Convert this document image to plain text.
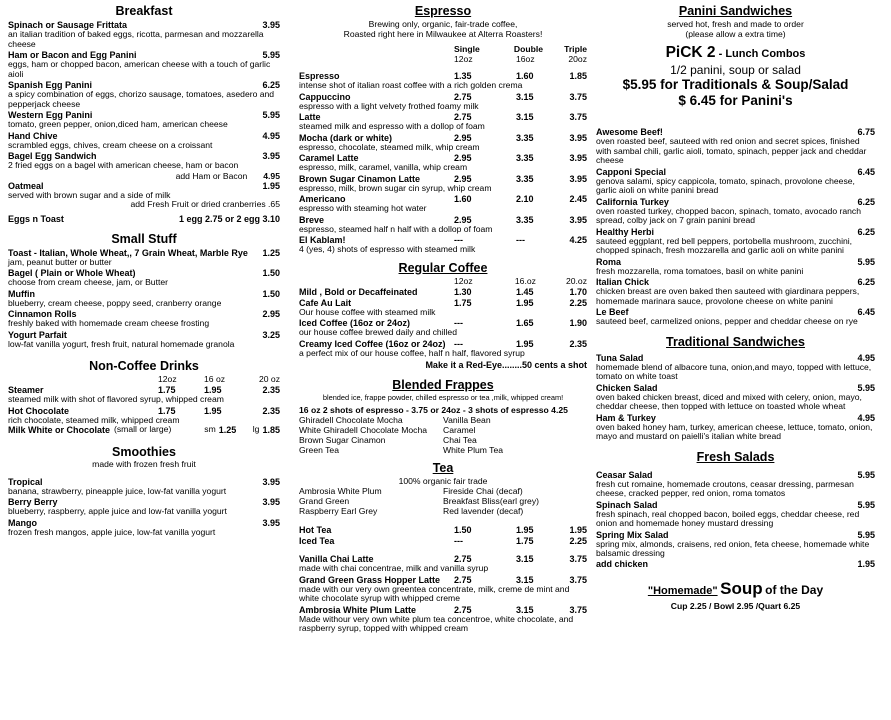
Breakfast
Spinach or Sausage Frittata	3.95
an italian tradition of baked eggs, ricotta, parmesan and mozzarella cheese
Ham or Bacon and Egg Panini	5.95
eggs, ham or chopped bacon, american cheese with a touch of garlic aioli
Spanish Egg Panini	6.25
a spicy combination of eggs, chorizo sausage, tomatoes, asedero and pepperjack cheese
Western Egg Panini	5.95
tomato, green pepper, onion,diced ham, american cheese
Hand Chive	4.95
scrambled eggs, chives, cream cheese on a croissant
Bagel Egg Sandwich	3.95
2 fried eggs on a bagel with american cheese, ham or bacon
add Ham or Bacon	4.95
Oatmeal	1.95
served with brown sugar and a side of milk
add Fresh Fruit or dried cranberries .65
Eggs n Toast	1 egg 2.75 or 2 egg 3.10
Small Stuff
Toast - Italian, Whole Wheat,, 7 Grain Wheat, Marble Rye	1.25
jam, peanut butter or butter
Bagel ( Plain or Whole Wheat)	1.50
choose from cream cheese, jam, or Butter
Muffin	1.50
blueberry, cream cheese, poppy seed, cranberry orange
Cinnamon Rolls	2.95
freshly baked with homemade cream cheese frosting
Yogurt Parfait	3.25
low-fat vanilla yogurt, fresh fruit, natural homemade granola
Non-Coffee Drinks
12oz	16 oz	20 oz
Steamer	1.75	1.95	2.35
steamed milk with shot of flavored syrup, whipped cream
Hot Chocolate	1.75	1.95	2.35
rich chocolate, steamed milk, whipped cream
Milk White or Chocolate (small or large)	sm 1.25	lg 1.85
Smoothies
made with frozen fresh fruit
Tropical	3.95
banana, strawberry, pineapple juice, low-fat vanilla yogurt
Berry Berry	3.95
blueberry, raspberry, apple juice and low-fat vanilla yogurt
Mango	3.95
frozen fresh mangos, apple juice, low-fat vanilla yogurt
Espresso
Brewing only, organic, fair-trade coffee,
Roasted right here in Milwaukee at Alterra Roasters!
Single	Double	Triple
12oz	16oz	20oz
Espresso	1.35	1.60	1.85
intense shot of italian roast coffee with a rich golden crema
Cappuccino	2.75	3.15	3.75
espresso with a light velvety frothed foamy milk
Latte	2.75	3.15	3.75
steamed milk and espresso with a dollop of foam
Mocha (dark or white)	2.95	3.35	3.95
espresso, chocolate, steamed milk, whip cream
Caramel Latte	2.95	3.35	3.95
espresso, milk, caramel, vanilla, whip cream
Brown Sugar Cinamon Latte	2.95	3.35	3.95
espresso, milk, brown sugar cin syrup, whip cream
Americano	1.60	2.10	2.45
espresso with steaming hot water
Breve	2.95	3.35	3.95
espresso, steamed half n half with a dollop of foam
El Kablam!	---	---	4.25
4 (yes, 4) shots of espresso with steamed milk
Regular Coffee
12oz	16.oz	20.oz
Mild , Bold or Decaffeinated	1.30	1.45	1.70
Cafe Au Lait	1.75	1.95	2.25
Our house coffee with steamed milk
Iced Coffee (16oz or 24oz)	---	1.65	1.90
our house coffee brewed daily and chilled
Creamy Iced Coffee (16oz or 24oz) ---	1.95	2.35
a perfect mix of our house coffee, half n half, flavored syrup
Make it a Red-Eye........50 cents a shot
Blended Frappes
blended ice, frappe powder, chilled espresso or tea ,milk, whipped cream!
16 oz 2 shots of espresso - 3.75 or 24oz - 3 shots of espresso 4.25
Ghiradell Chocolate Mocha	Vanilla Bean
White Ghiradell Chocolate Mocha	Caramel
Brown Sugar Cinamon	Chai Tea
Green Tea	White Plum Tea
Tea
100% organic fair trade
Ambrosia White Plum	Fireside Chai (decaf)
Grand Green	Breakfast Bliss(earl grey)
Raspberry Earl Grey	Red lavender (decaf)
Hot Tea	1.50	1.95	1.95
Iced Tea	---	1.75	2.25
Vanilla Chai Latte	2.75	3.15	3.75
made with chai concentrae, milk and vanilla syrup
Grand Green Grass Hopper Latte	2.75	3.15	3.75
made with our very own greentea concentrate, milk, creme de mint and white chocolate syrup with whipped creme
Ambrosia White Plum Latte	2.75	3.15	3.75
Made withour very own white plum tea concentroe, white chocolate, and raspberry syrup, topped with whipped cream
Panini Sandwiches
served hot, fresh and made to order
(please allow a extra time)
PiCK 2 - Lunch Combos
1/2 panini, soup or salad
$5.95 for Traditionals & Soup/Salad
$ 6.45 for Panini's
Awesome Beef!	6.75
oven roasted beef, sauteed with red onion and secret spices, finished with sambal chili, garlic aioli, tomato, spinach, pepper jack and cheddar cheese
Capponi Special	6.45
genova salami, spicy cappicola, tomato, spinach, provolone cheese, garlic aioli on white panini bread
California Turkey	6.25
oven roasted turkey, chopped bacon, spinach, tomato, avocado ranch spread, colby jack on 7 grain panini bread
Healthy Herbi	6.25
sauteed eggplant, red bell peppers, portobella mushroom, zucchini, chopped spinach, fresh mozzarella and garlic aoli on white panini
Roma	5.95
fresh mozzarella, roma tomatoes, basil on white panini
Italian Chick	6.25
chicken breast are oven baked then sauteed with giardinara peppers, homemade marinara sauce, provolone cheese on white panini
Le Beef	6.45
sauteed beef, carmelized onions, pepper and cheddar cheese on rye
Traditional Sandwiches
Tuna Salad	4.95
homemade blend of albacore tuna, onion,and mayo, topped with lettuce, tomato on white toast
Chicken Salad	5.95
oven baked chicken breast, diced and mixed with celery, onion, mayo, cheddar cheese, then topped with lettuce on toasted whole wheat
Ham & Turkey	4.95
oven baked honey ham, turkey, american cheese, lettuce, tomato, onion, mayo and mustard on paielli's italian white bread
Fresh Salads
Ceasar Salad	5.95
fresh cut romaine, homemade croutons, ceasar dressing, parmesan cheese, cracked pepper, red onion, roma tomatos
Spinach Salad	5.95
fresh spinach, real chopped bacon, boiled eggs, cheddar cheese, red onion and homemade honey mustard dressing
Spring Mix Salad	5.95
spring mix, almonds, craisens, red onion, feta cheese, homemade white balsamic dressing
add chicken	1.95
"Homemade" Soup of the Day
Cup 2.25 / Bowl 2.95 /Quart 6.25
